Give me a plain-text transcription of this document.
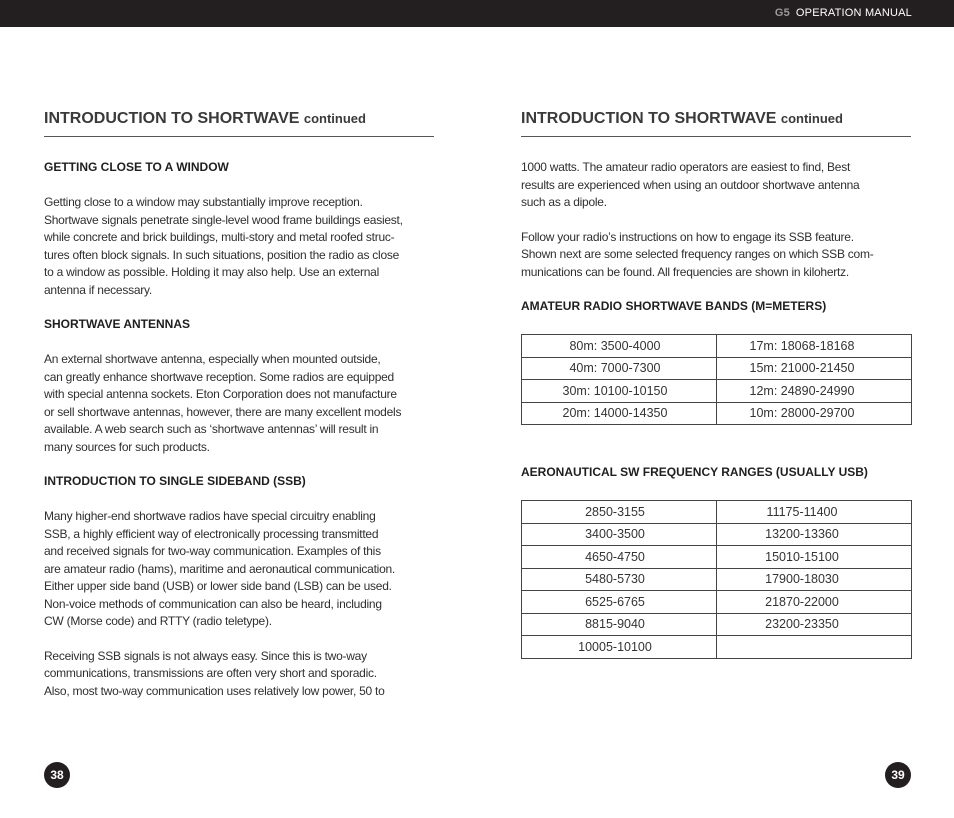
G5 OPERATION MANUAL
INTRODUCTION TO SHORTWAVE continued
GETTING CLOSE TO A WINDOW

Getting close to a window may substantially improve reception.
Shortwave signals penetrate single-level wood frame buildings easiest,
while concrete and brick buildings, multi-story and metal roofed struc-
tures often block signals. In such situations, position the radio as close
to a window as possible. Holding it may also help. Use an external
antenna if necessary.

SHORTWAVE ANTENNAS

An external shortwave antenna, especially when mounted outside,
can greatly enhance shortwave reception. Some radios are equipped
with special antenna sockets. Eton Corporation does not manufacture
or sell shortwave antennas, however, there are many excellent models
available. A web search such as ‘shortwave antennas’ will result in
many sources for such products.

INTRODUCTION TO SINGLE SIDEBAND (SSB)

Many higher-end shortwave radios have special circuitry enabling
SSB, a highly efficient way of electronically processing transmitted
and received signals for two-way communication. Examples of this
are amateur radio (hams), maritime and aeronautical communication.
Either upper side band (USB) or lower side band (LSB) can be used.
Non-voice methods of communication can also be heard, including
CW (Morse code) and RTTY (radio teletype).

Receiving SSB signals is not always easy. Since this is two-way
communications, transmissions are often very short and sporadic.
Also, most two-way communication uses relatively low power, 50 to

INTRODUCTION TO SHORTWAVE continued

1000 watts. The amateur radio operators are easiest to find, Best
results are experienced when using an outdoor shortwave antenna
such as a dipole.

Follow your radio’s instructions on how to engage its SSB feature.
Shown next are some selected frequency ranges on which SSB com-
munications can be found. All frequencies are shown in kilohertz.

AMATEUR RADIO SHORTWAVE BANDS (M=METERS)
80m: 3500-4000	17m: 18068-18168
40m: 7000-7300	15m: 21000-21450
30m: 10100-10150	12m: 24890-24990
20m: 14000-14350	10m: 28000-29700
AERONAUTICAL SW FREQUENCY RANGES (USUALLY USB)
2850-3155	11175-11400
3400-3500	13200-13360
4650-4750	15010-15100
5480-5730	17900-18030
6525-6765	21870-22000
8815-9040	23200-23350
10005-10100	
38	39
